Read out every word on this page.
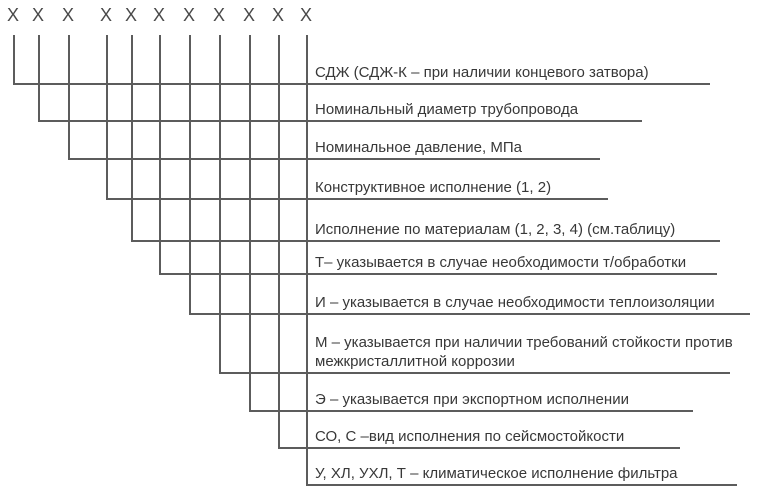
X X X X X X X X X X X
СДЖ (СДЖ-К – при наличии концевого затвора)
Номинальный диаметр трубопровода
Номинальное давление, МПа
Конструктивное исполнение (1, 2)
Исполнение по материалам (1, 2, 3, 4) (см.таблицу)
Т– указывается в случае необходимости т/обработки
И – указывается в случае необходимости теплоизоляции
М – указывается при наличии требований стойкости против межкристаллитной коррозии
Э – указывается при экспортном исполнении
СО, С –вид исполнения по сейсмостойкости
У, ХЛ, УХЛ, Т – климатическое исполнение фильтра
